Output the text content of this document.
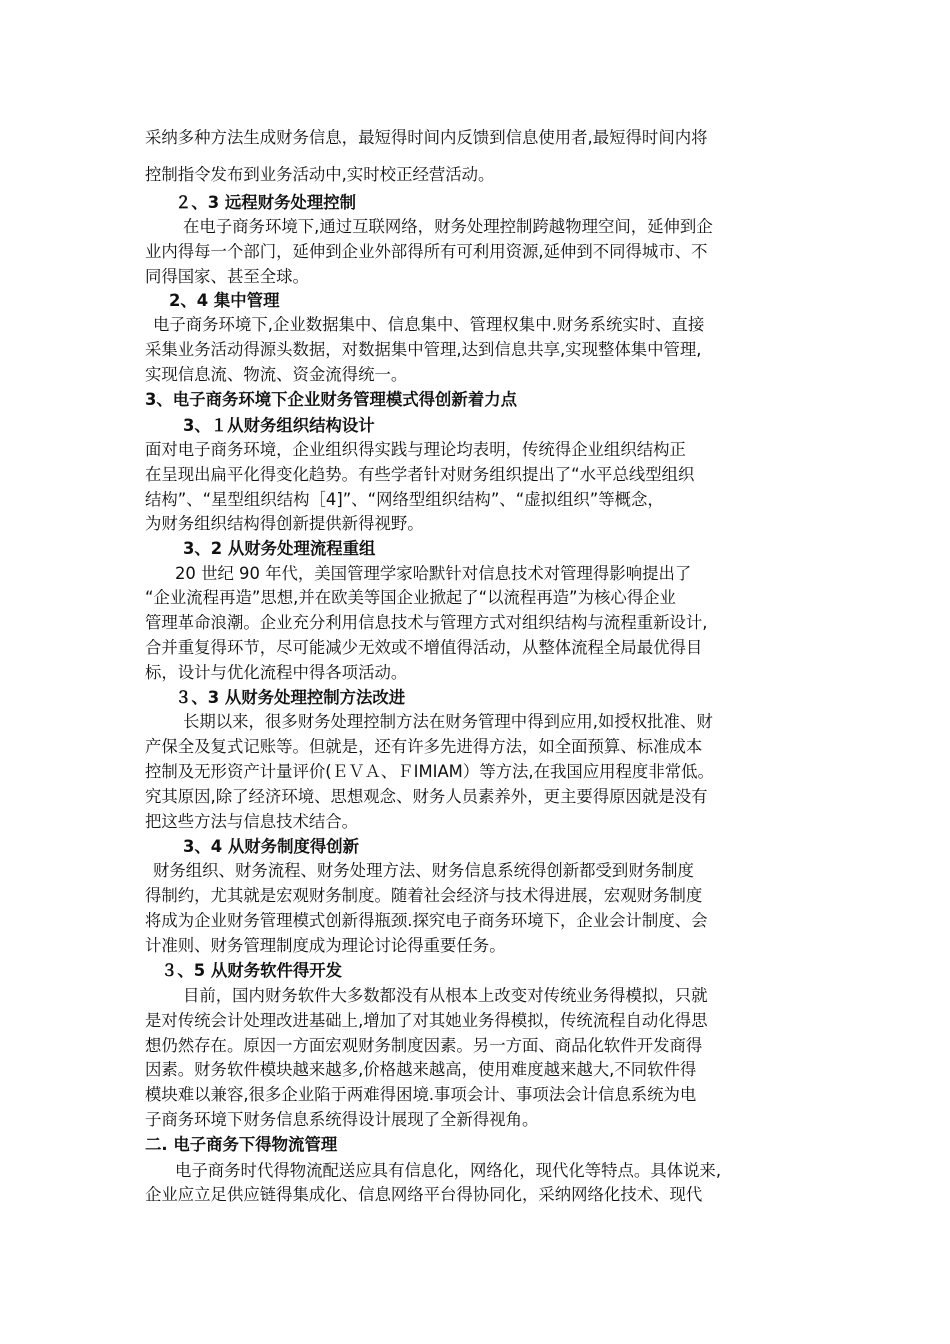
采纳多种方法生成财务信息，最短得时间内反馈到信息使用者,最短得时间内将
控制指令发布到业务活动中,实时校正经营活动。
２、3 远程财务处理控制
在电子商务环境下,通过互联网络，财务处理控制跨越物理空间，延伸到企
业内得每一个部门，延伸到企业外部得所有可利用资源,延伸到不同得城市、不
同得国家、甚至全球。
2、4 集中管理
电子商务环境下,企业数据集中、信息集中、管理权集中.财务系统实时、直接
采集业务活动得源头数据，对数据集中管理,达到信息共享,实现整体集中管理,
实现信息流、物流、资金流得统一。
3、电子商务环境下企业财务管理模式得创新着力点
3、１从财务组织结构设计
面对电子商务环境，企业组织得实践与理论均表明，传统得企业组织结构正
在呈现出扁平化得变化趋势。有些学者针对财务组织提出了“水平总线型组织
结构”、“星型组织结构［4]”、“网络型组织结构”、“虚拟组织”等概念，
为财务组织结构得创新提供新得视野。
3、2 从财务处理流程重组
20 世纪 90 年代，美国管理学家哈默针对信息技术对管理得影响提出了
“企业流程再造”思想,并在欧美等国企业掀起了“以流程再造”为核心得企业
管理革命浪潮。企业充分利用信息技术与管理方式对组织结构与流程重新设计,
合并重复得环节，尽可能减少无效或不增值得活动，从整体流程全局最优得目
标，设计与优化流程中得各项活动。
３、3 从财务处理控制方法改进
长期以来，很多财务处理控制方法在财务管理中得到应用,如授权批准、财
产保全及复式记账等。但就是，还有许多先进得方法，如全面预算、标准成本
控制及无形资产计量评价(ＥＶＡ、ＦIMIAM）等方法,在我国应用程度非常低。
究其原因,除了经济环境、思想观念、财务人员素养外，更主要得原因就是没有
把这些方法与信息技术结合。
3、4 从财务制度得创新
财务组织、财务流程、财务处理方法、财务信息系统得创新都受到财务制度
得制约，尤其就是宏观财务制度。随着社会经济与技术得进展，宏观财务制度
将成为企业财务管理模式创新得瓶颈.探究电子商务环境下，企业会计制度、会
计准则、财务管理制度成为理论讨论得重要任务。
３、5 从财务软件得开发
目前，国内财务软件大多数都没有从根本上改变对传统业务得模拟，只就
是对传统会计处理改进基础上,增加了对其她业务得模拟，传统流程自动化得思
想仍然存在。原因一方面宏观财务制度因素。另一方面、商品化软件开发商得
因素。财务软件模块越来越多,价格越来越高，使用难度越来越大,不同软件得
模块难以兼容,很多企业陷于两难得困境.事项会计、事项法会计信息系统为电
子商务环境下财务信息系统得设计展现了全新得视角。
二. 电子商务下得物流管理
电子商务时代得物流配送应具有信息化，网络化，现代化等特点。具体说来,
企业应立足供应链得集成化、信息网络平台得协同化，采纳网络化技术、现代
